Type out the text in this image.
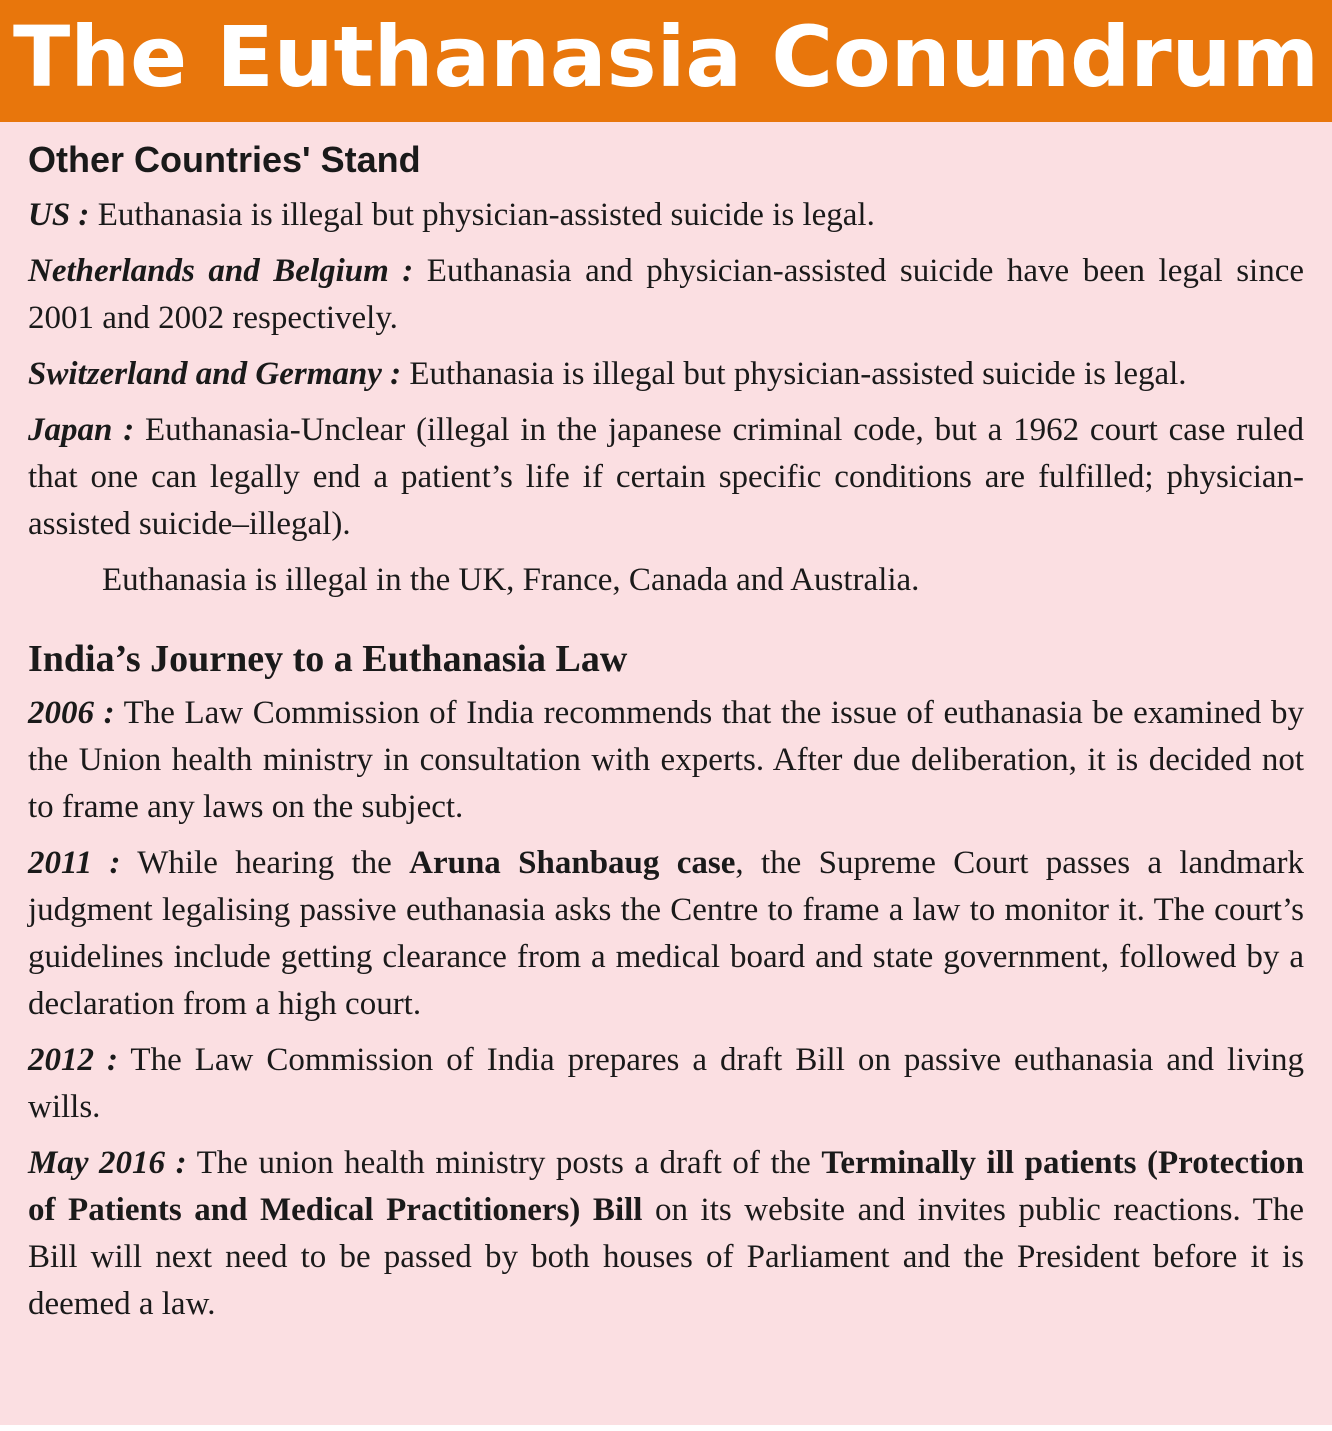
The Euthanasia Conundrum
Other Countries' Stand

US : Euthanasia is illegal but physician-assisted suicide is legal.

Netherlands and Belgium : Euthanasia and physician-assisted suicide have been legal since 2001 and 2002 respectively.

Switzerland and Germany : Euthanasia is illegal but physician-assisted suicide is legal.

Japan : Euthanasia-Unclear (illegal in the japanese criminal code, but a 1962 court case ruled that one can legally end a patient’s life if certain specific conditions are fulfilled; physician-assisted suicide–illegal).

Euthanasia is illegal in the UK, France, Canada and Australia.

India’s Journey to a Euthanasia Law

2006 : The Law Commission of India recommends that the issue of euthanasia be examined by the Union health ministry in consultation with experts. After due deliberation, it is decided not to frame any laws on the subject.

2011 : While hearing the Aruna Shanbaug case, the Supreme Court passes a landmark judgment legalising passive euthanasia asks the Centre to frame a law to monitor it. The court’s guidelines include getting clearance from a medical board and state government, followed by a declaration from a high court.

2012 : The Law Commission of India prepares a draft Bill on passive euthanasia and living wills.

May 2016 : The union health ministry posts a draft of the Terminally ill patients (Protection of Patients and Medical Practitioners) Bill on its website and invites public reactions. The Bill will next need to be passed by both houses of Parliament and the President before it is deemed a law.
